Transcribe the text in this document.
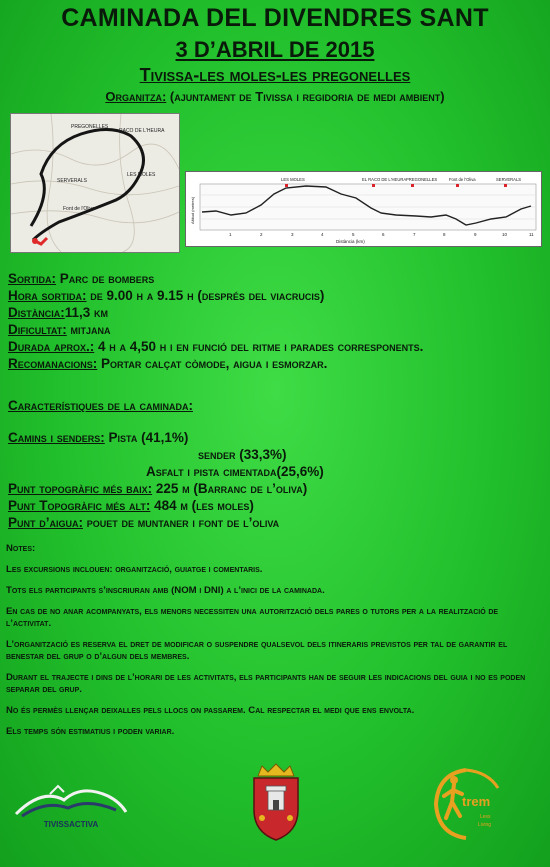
CAMINADA DEL DIVENDRES SANT
3 D’ABRIL DE 2015
Tivissa-les moles-les pregonelles
Organitza: (ajuntament de Tivissa i regidoria de medi ambient)
PREGONELLES
RACO DE L'HEURA
LES MOLES
SERVERALS
Font de l'Oliva
LES MOLES	EL RACO DE L'HEURA PREGONELLES	Font de l'Oliva	SERVERALS
1	2	3	4	5	6	7	8	9	10	11
Distància (km)
Altitud (metres)
Sortida: Parc de bombers
Hora sortida: de 9.00 h a 9.15 h (després del viacrucis)
Distància:11,3 km
Dificultat: mitjana
Durada aprox.: 4 h a 4,50 h i en funció del ritme i parades corresponents.
Recomanacions: Portar calçat còmode, aigua i esmorzar.
Característiques de la caminada:
Camins i senders: Pista (41,1%)
sender (33,3%)
Asfalt i pista cimentada(25,6%)
Punt topogràfic més baix: 225 m (Barranc de l’oliva)
Punt Topogràfic més alt: 484 m (les moles)
Punt d’aigua: pouet de muntaner i font de l’oliva

Notes:

Les excursions inclouen: organització, guiatge i comentaris.

Tots els participants s’inscriuran amb (NOM i DNI) a l’inici de la caminada.

En cas de no anar acompanyats, els menors necessiten una autorització dels pares o tutors per a la realització de l’activitat.

L’organització es reserva el dret de modificar o suspendre qualsevol dels itineraris previstos per tal de garantir el benestar del grup o d’algun dels membres.

Durant el trajecte i dins de l’horari de les activitats, els participants han de seguir les indicacions del guia i no es poden separar del grup.

No és permès llençar deixalles pels llocs on passarem. Cal respectar el medi que ens envolta.

Els temps són estimatius i poden variar.

TIVISSACTIVA
trem
Less
Living
